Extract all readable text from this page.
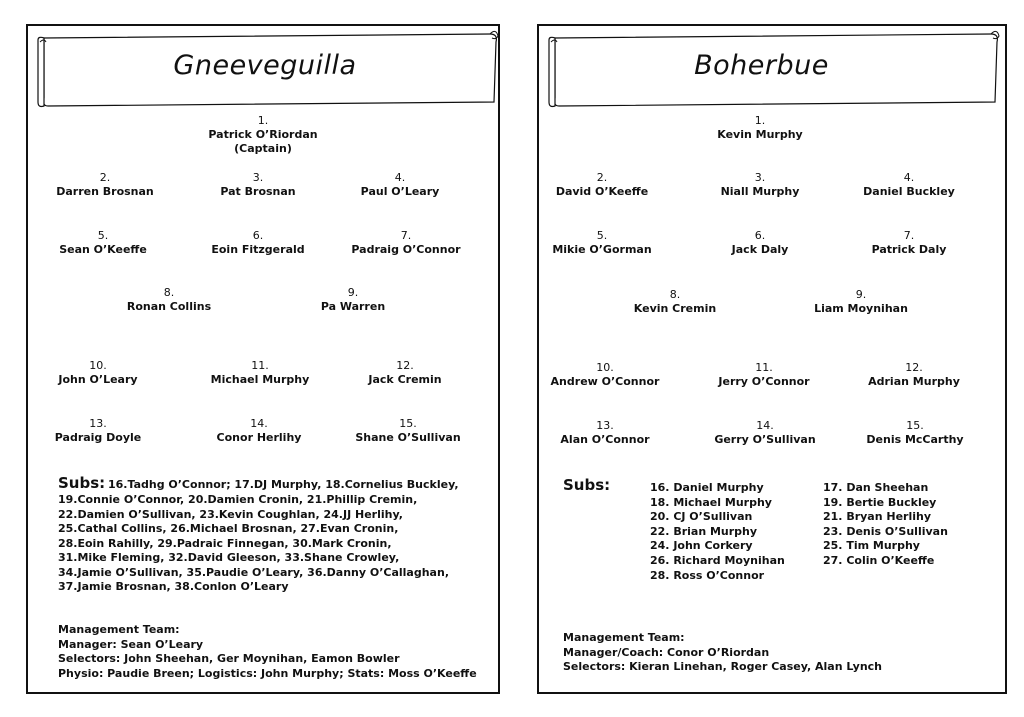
Gneeveguilla
1.
Patrick O’Riordan
(Captain)
2.
Darren Brosnan
3.
Pat Brosnan
4.
Paul O’Leary
5.
Sean O’Keeffe
6.
Eoin Fitzgerald
7.
Padraig O’Connor
8.
Ronan Collins
9.
Pa Warren
10.
John O’Leary
11.
Michael Murphy
12.
Jack Cremin
13.
Padraig Doyle
14.
Conor Herlihy
15.
Shane O’Sullivan
Subs: 16.Tadhg O’Connor; 17.DJ Murphy, 18.Cornelius Buckley,
19.Connie O’Connor, 20.Damien Cronin, 21.Phillip Cremin,
22.Damien O’Sullivan, 23.Kevin Coughlan, 24.JJ Herlihy,
25.Cathal Collins, 26.Michael Brosnan, 27.Evan Cronin,
28.Eoin Rahilly, 29.Padraic Finnegan, 30.Mark Cronin,
31.Mike Fleming, 32.David Gleeson, 33.Shane Crowley,
34.Jamie O’Sullivan, 35.Paudie O’Leary, 36.Danny O’Callaghan,
37.Jamie Brosnan, 38.Conlon O’Leary
Management Team:
Manager: Sean O’Leary
Selectors: John Sheehan, Ger Moynihan, Eamon Bowler
Physio: Paudie Breen; Logistics: John Murphy; Stats: Moss O’Keeffe
Boherbue
1.
Kevin Murphy
2.
David O’Keeffe
3.
Niall Murphy
4.
Daniel Buckley
5.
Mikie O’Gorman
6.
Jack Daly
7.
Patrick Daly
8.
Kevin Cremin
9.
Liam Moynihan
10.
Andrew O’Connor
11.
Jerry O’Connor
12.
Adrian Murphy
13.
Alan O’Connor
14.
Gerry O’Sullivan
15.
Denis McCarthy
Subs:	16. Daniel Murphy
18. Michael Murphy
20. CJ O’Sullivan
22. Brian Murphy
24. John Corkery
26. Richard Moynihan
28. Ross O’Connor
17. Dan Sheehan
19. Bertie Buckley
21. Bryan Herlihy
23. Denis O’Sullivan
25. Tim Murphy
27. Colin O’Keeffe
Management Team:
Manager/Coach: Conor O’Riordan
Selectors: Kieran Linehan, Roger Casey, Alan Lynch
